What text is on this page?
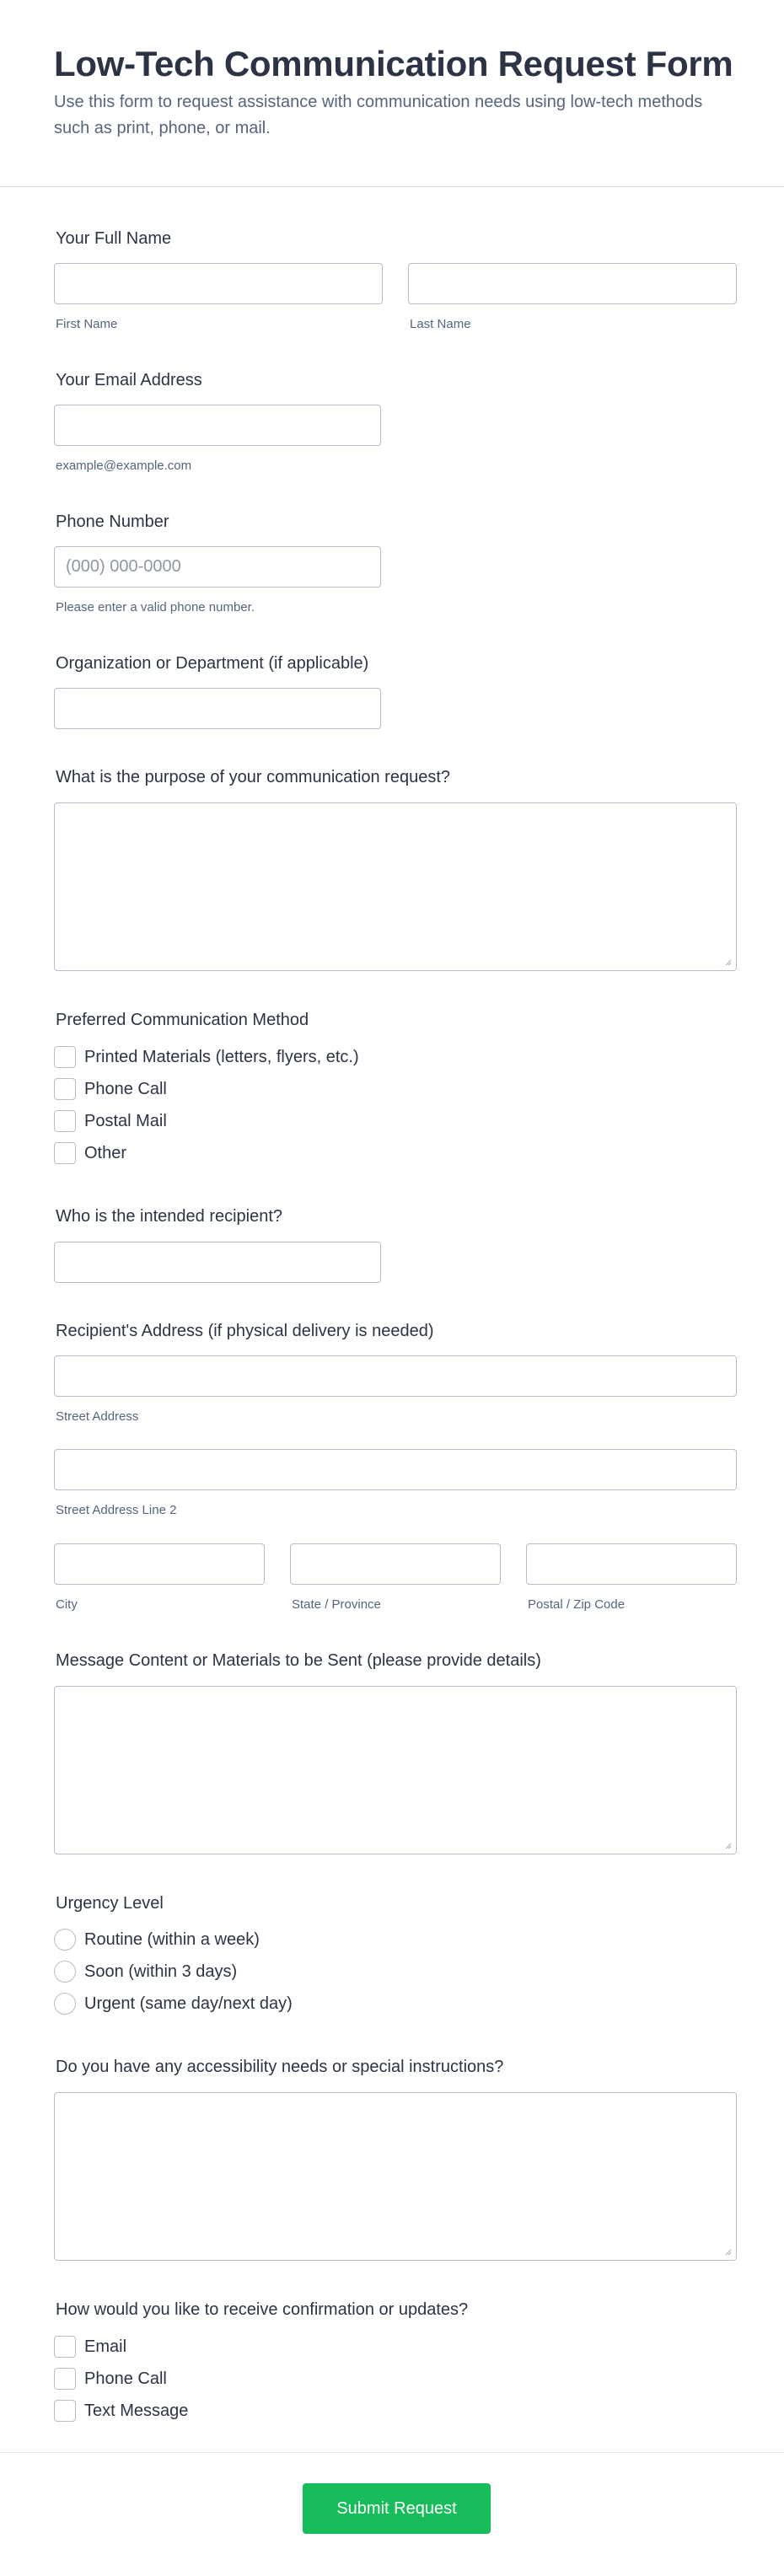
Low-Tech Communication Request Form

Use this form to request assistance with communication needs using low-tech methods such as print, phone, or mail.

Your Full Name
First Name	Last Name
Your Email Address
example@example.com
Phone Number
(000) 000-0000
Please enter a valid phone number.
Organization or Department (if applicable)
What is the purpose of your communication request?
Preferred Communication Method
Printed Materials (letters, flyers, etc.)
Phone Call
Postal Mail
Other
Who is the intended recipient?
Recipient's Address (if physical delivery is needed)
Street Address
Street Address Line 2
City	State / Province	Postal / Zip Code
Message Content or Materials to be Sent (please provide details)
Urgency Level
Routine (within a week)
Soon (within 3 days)
Urgent (same day/next day)
Do you have any accessibility needs or special instructions?
How would you like to receive confirmation or updates?
Email
Phone Call
Text Message
Submit Request
